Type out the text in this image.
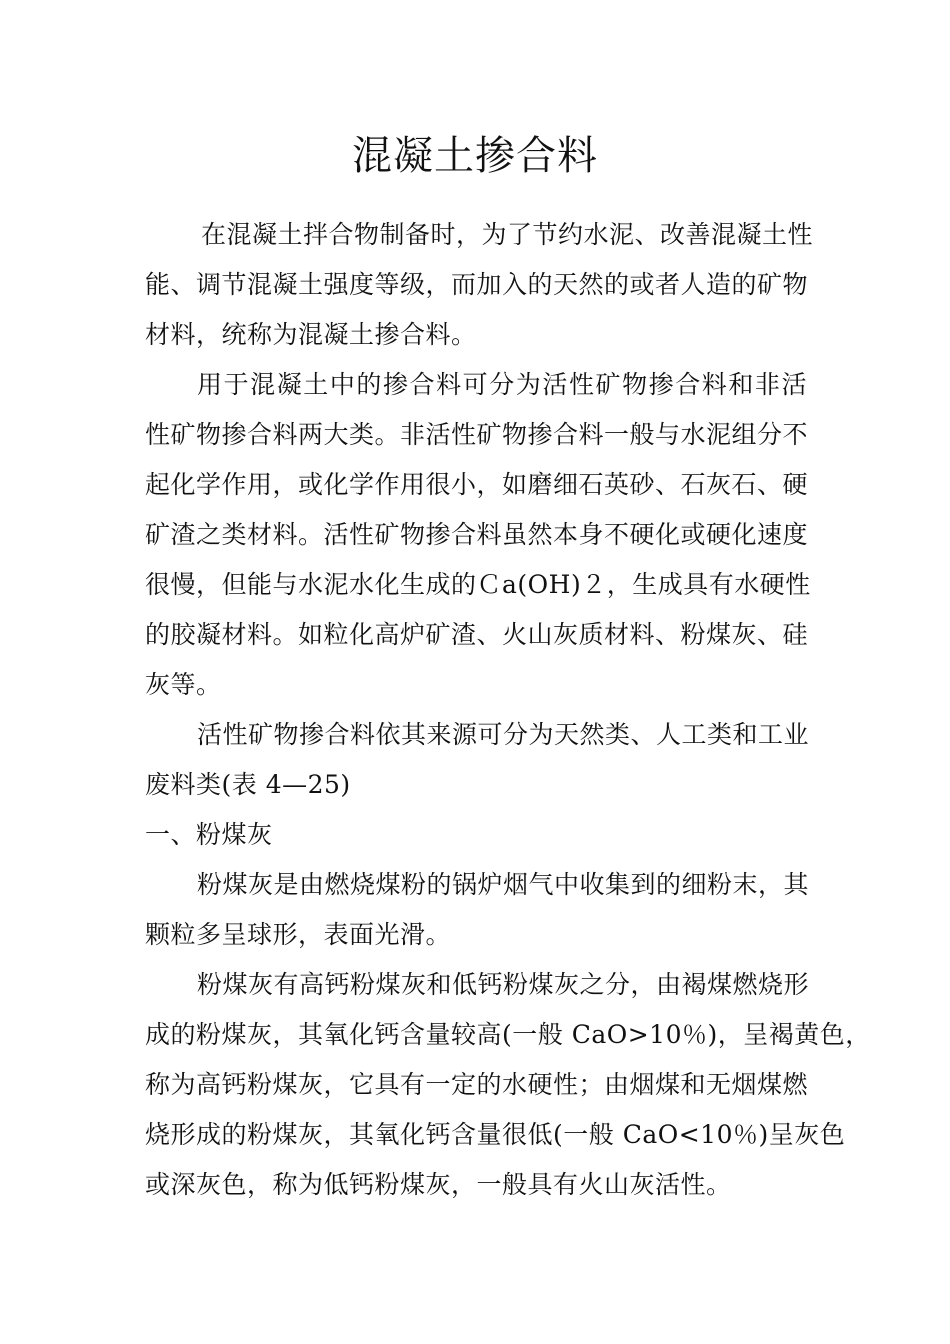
混凝土掺合料
在混凝土拌合物制备时，为了节约水泥、改善混凝土性
能、调节混凝土强度等级，而加入的天然的或者人造的矿物
材料，统称为混凝土掺合料。
用于混凝土中的掺合料可分为活性矿物掺合料和非活
性矿物掺合料两大类。非活性矿物掺合料一般与水泥组分不
起化学作用，或化学作用很小，如磨细石英砂、石灰石、硬
矿渣之类材料。活性矿物掺合料虽然本身不硬化或硬化速度
很慢，但能与水泥水化生成的Ｃa(OH)２，生成具有水硬性
的胶凝材料。如粒化高炉矿渣、火山灰质材料、粉煤灰、硅
灰等。
活性矿物掺合料依其来源可分为天然类、人工类和工业
废料类(表 4—25)
一、粉煤灰
粉煤灰是由燃烧煤粉的锅炉烟气中收集到的细粉末，其
颗粒多呈球形，表面光滑。
粉煤灰有高钙粉煤灰和低钙粉煤灰之分，由褐煤燃烧形
成的粉煤灰，其氧化钙含量较高(一般 CaO>10％)，呈褐黄色，
称为高钙粉煤灰，它具有一定的水硬性；由烟煤和无烟煤燃
烧形成的粉煤灰，其氧化钙含量很低(一般 CaO<10％)呈灰色
或深灰色，称为低钙粉煤灰，一般具有火山灰活性。
